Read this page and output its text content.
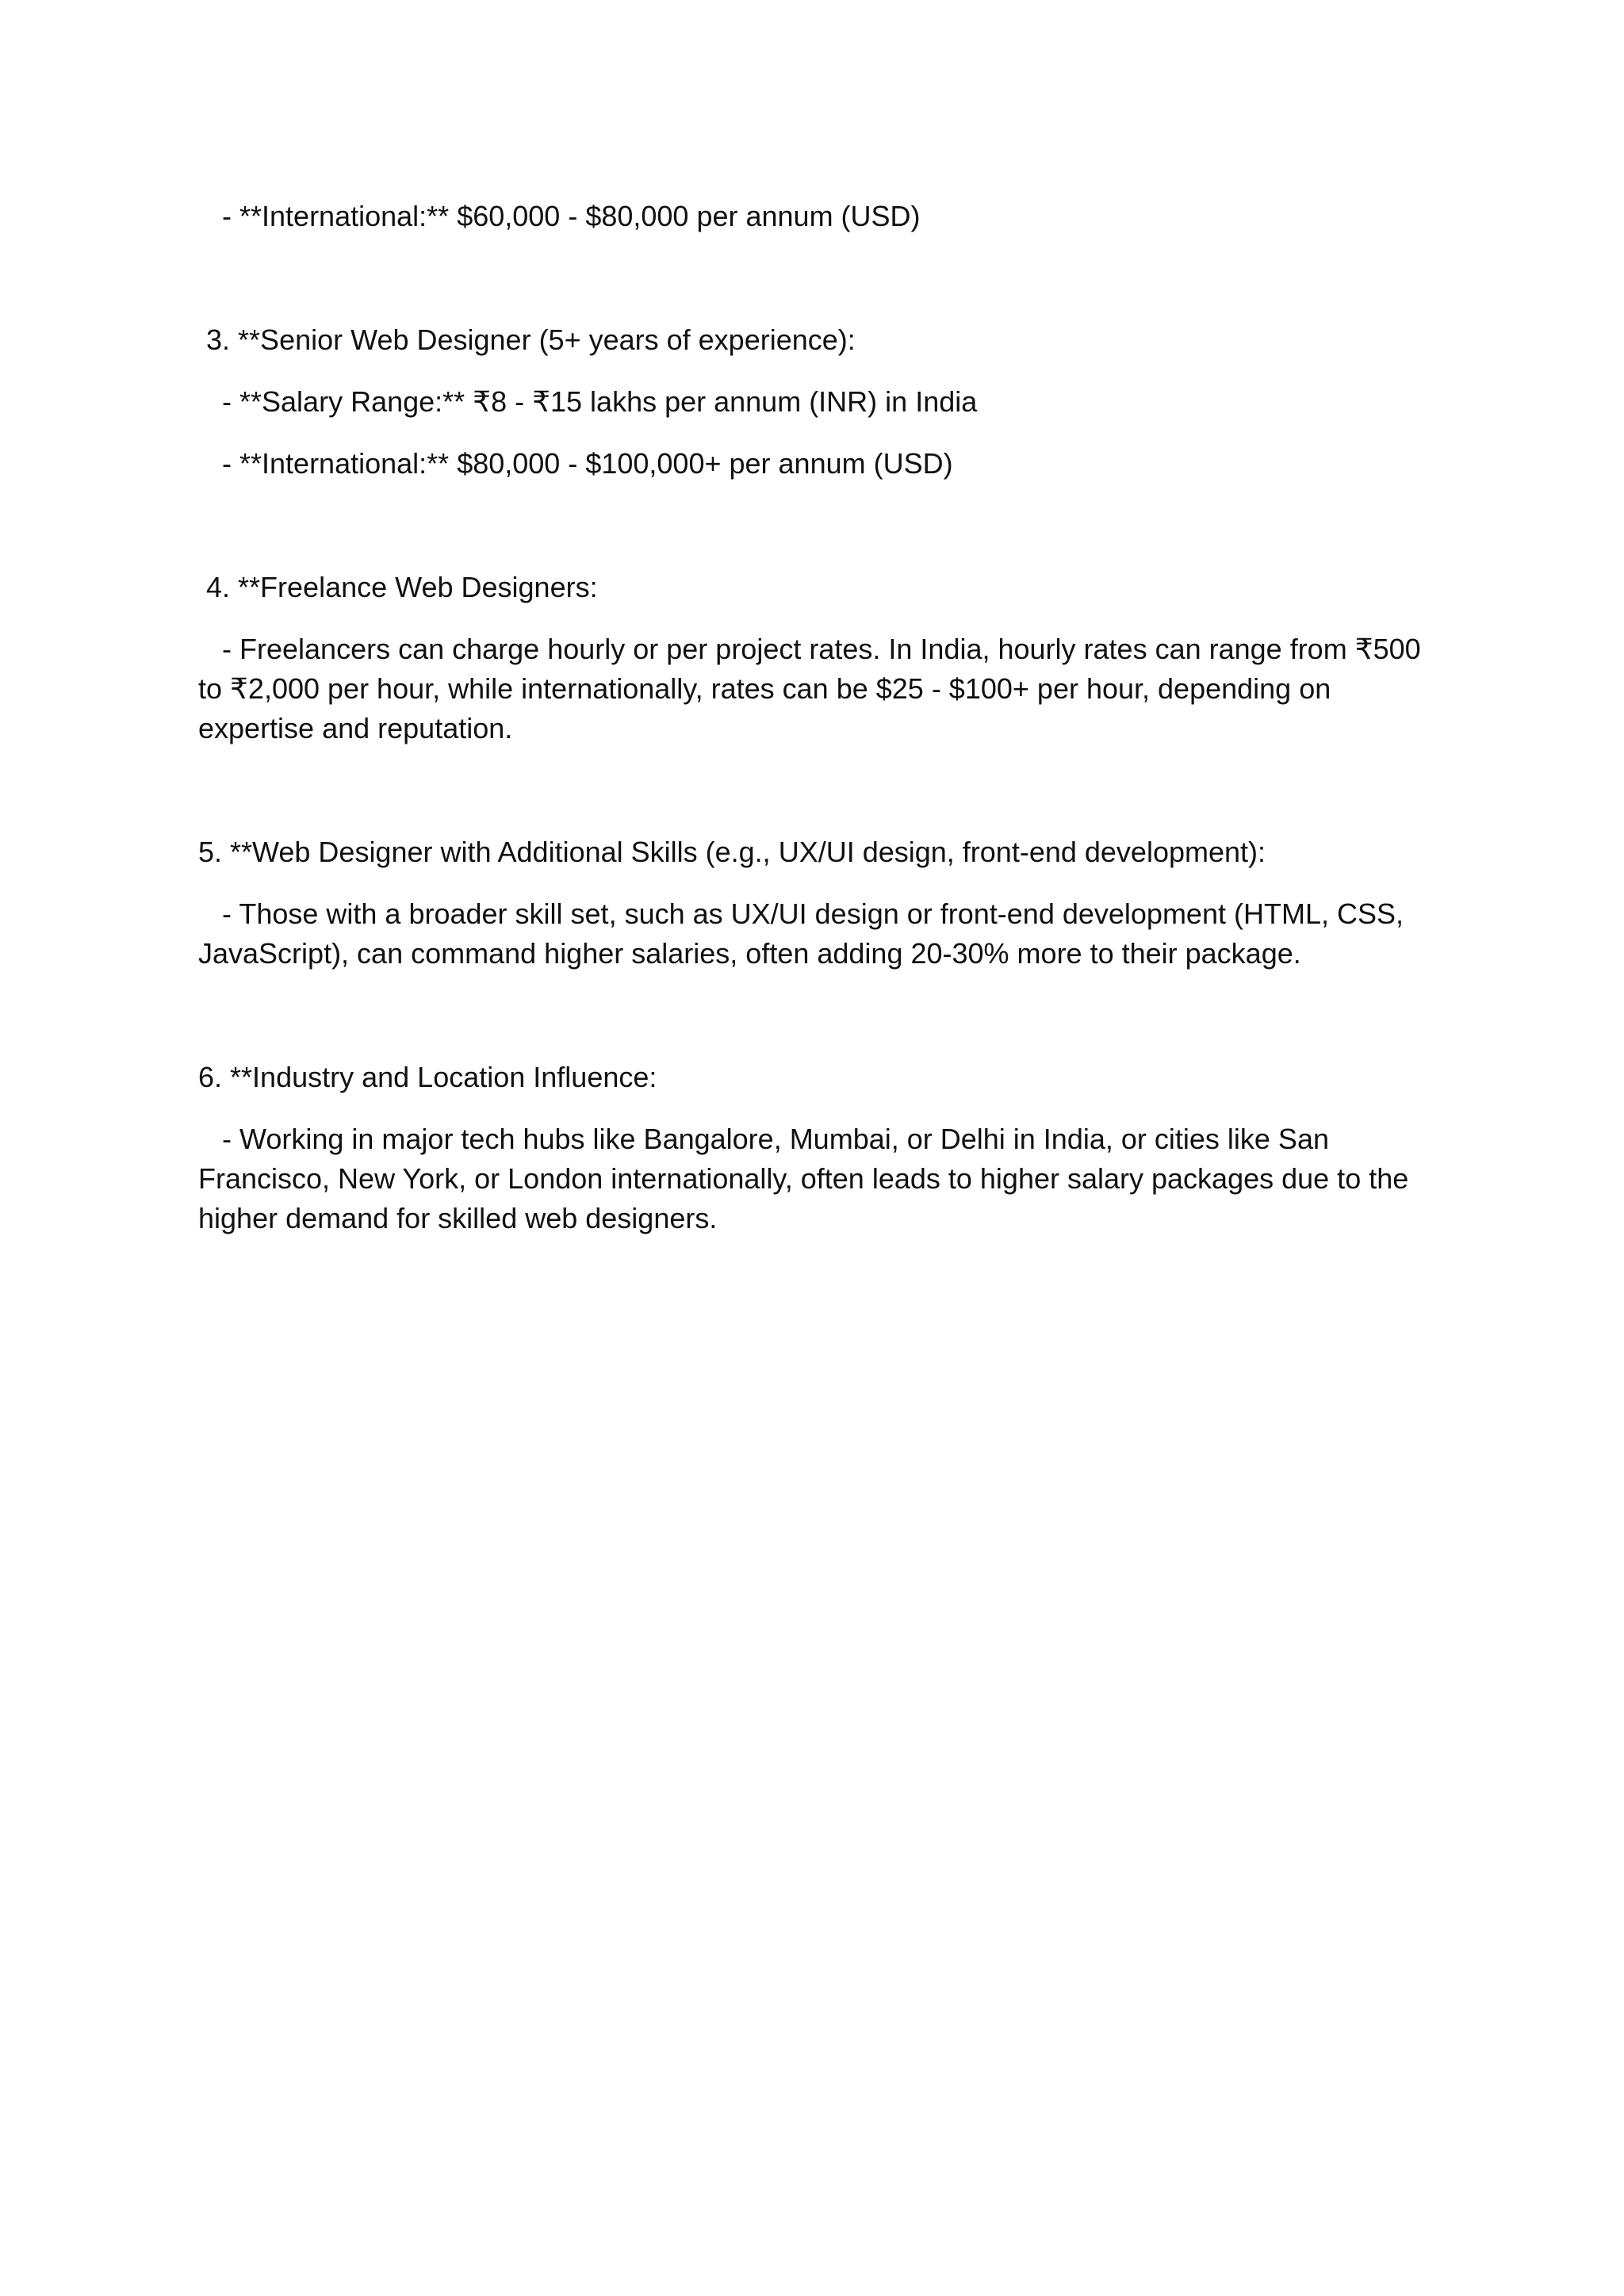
- **International:** $60,000 - $80,000 per annum (USD)

3. **Senior Web Designer (5+ years of experience):

- **Salary Range:** ₹8 - ₹15 lakhs per annum (INR) in India

- **International:** $80,000 - $100,000+ per annum (USD)

4. **Freelance Web Designers:

- Freelancers can charge hourly or per project rates. In India, hourly rates can range from ₹500 to ₹2,000 per hour, while internationally, rates can be $25 - $100+ per hour, depending on expertise and reputation.

5. **Web Designer with Additional Skills (e.g., UX/UI design, front-end development):

- Those with a broader skill set, such as UX/UI design or front-end development (HTML, CSS, JavaScript), can command higher salaries, often adding 20-30% more to their package.

6. **Industry and Location Influence:

- Working in major tech hubs like Bangalore, Mumbai, or Delhi in India, or cities like San Francisco, New York, or London internationally, often leads to higher salary packages due to the higher demand for skilled web designers.
